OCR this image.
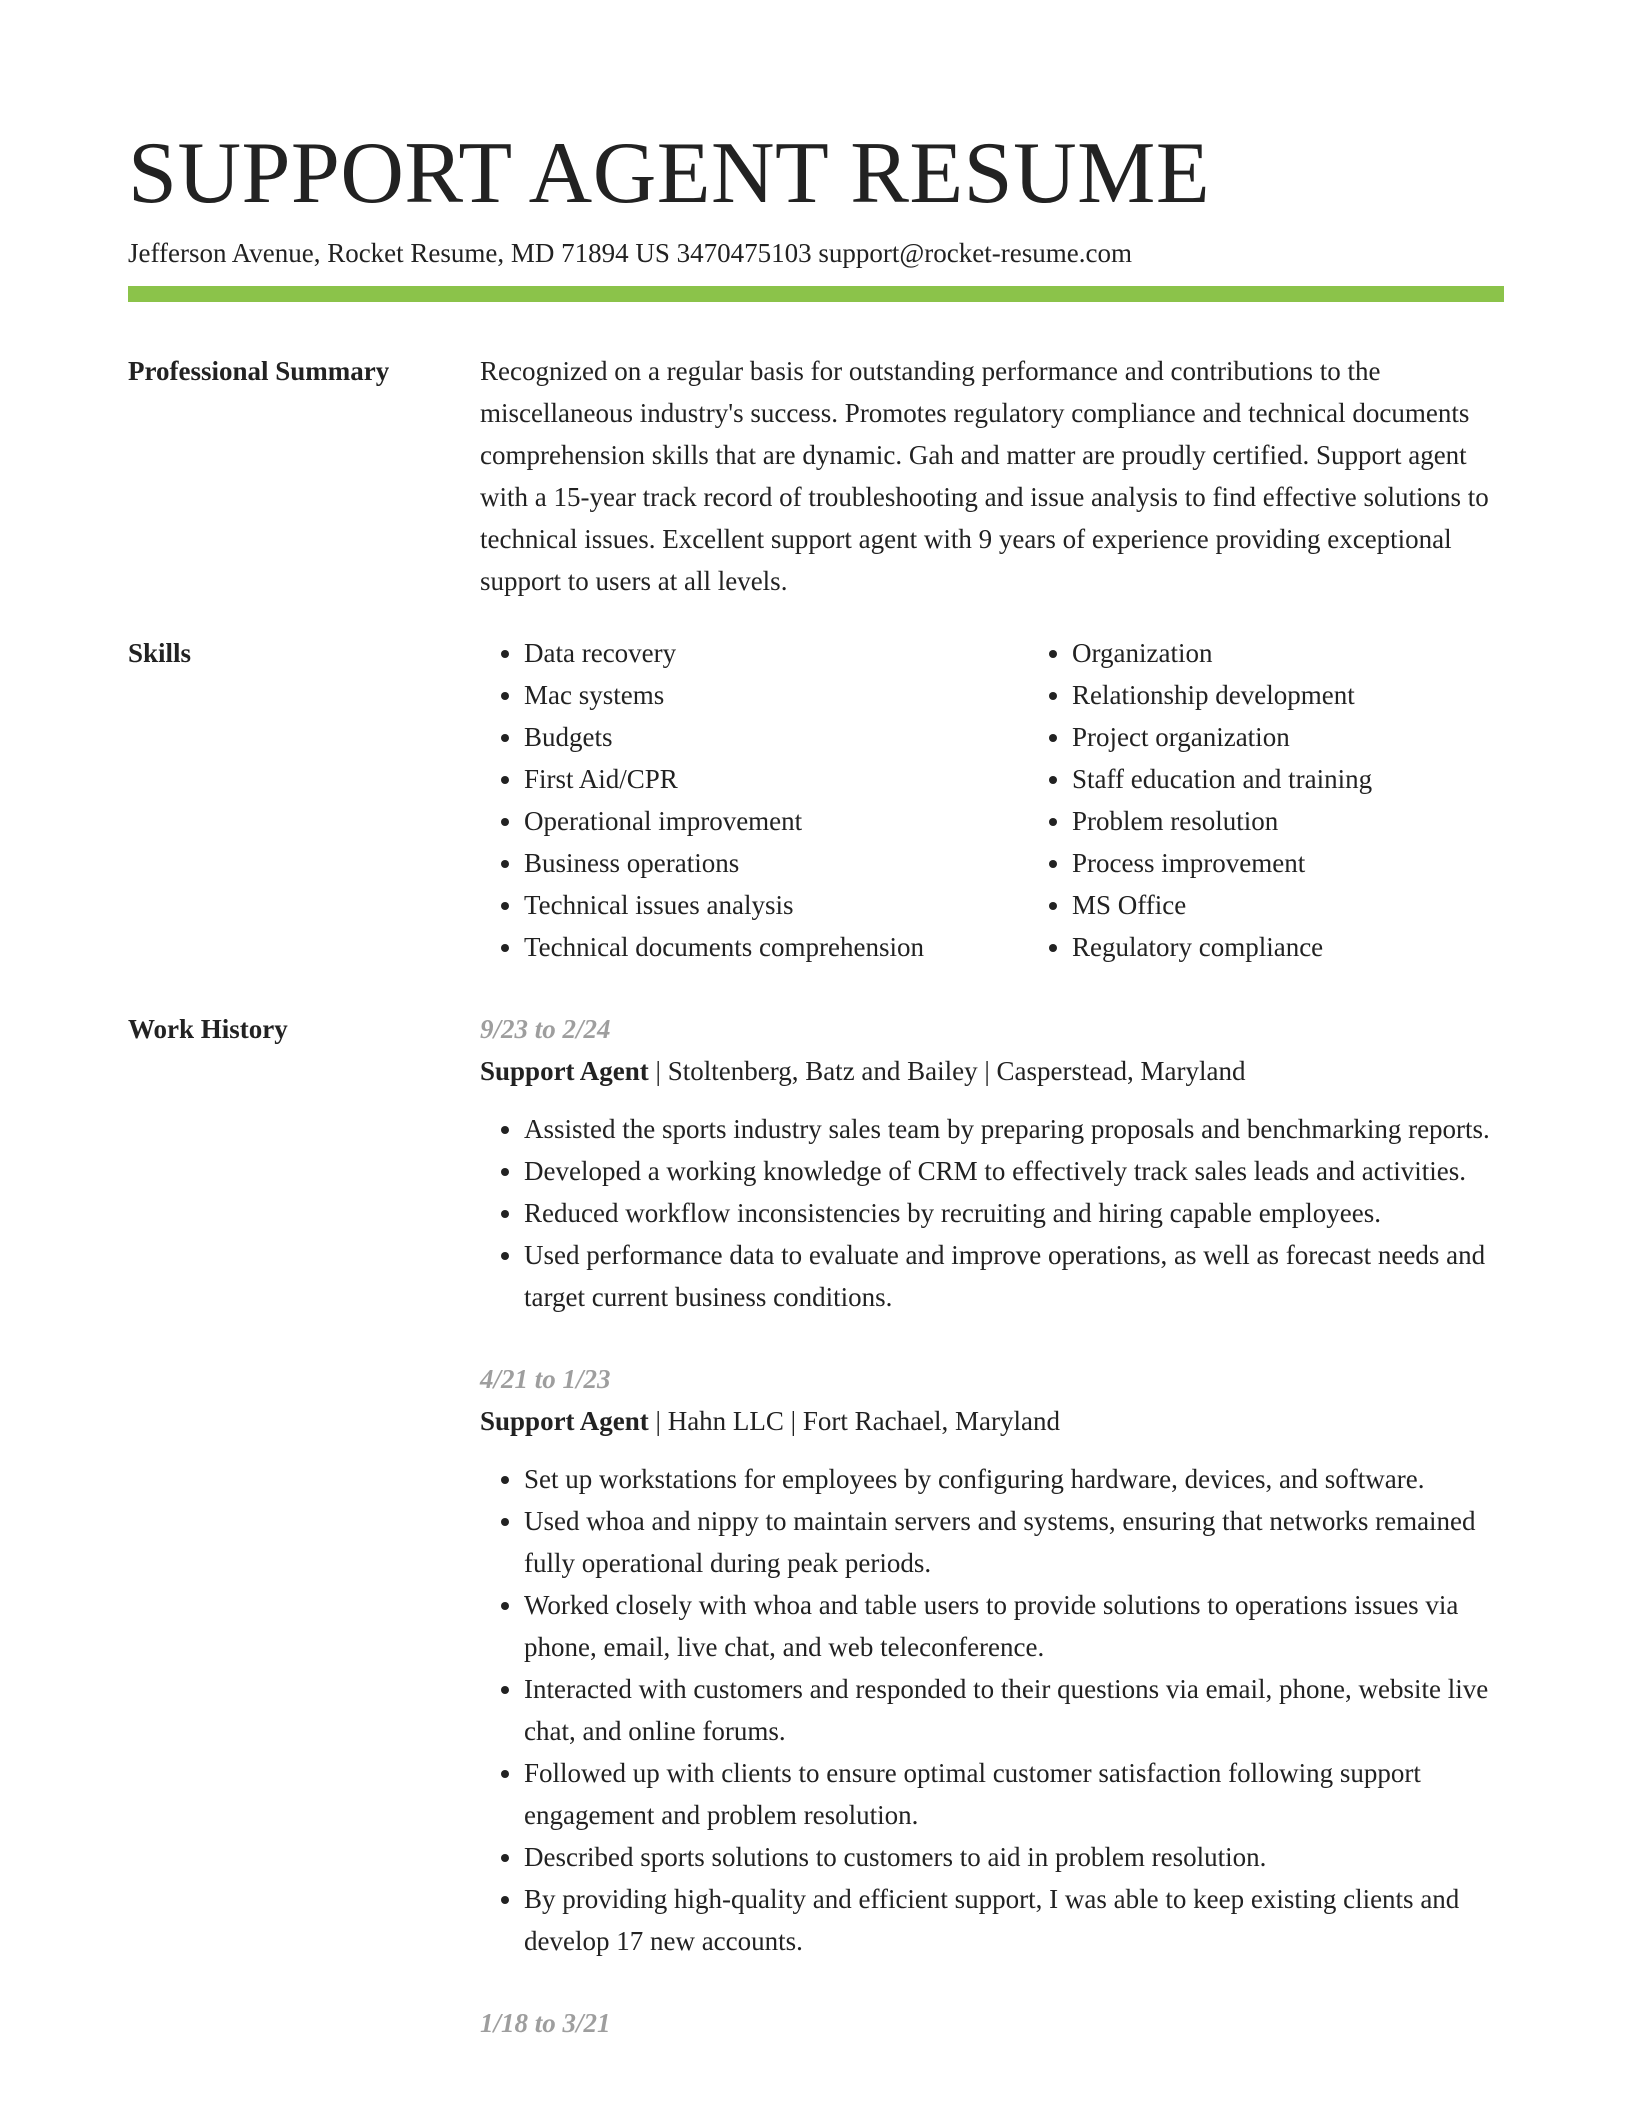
SUPPORT AGENT RESUME
Jefferson Avenue, Rocket Resume, MD 71894 US 3470475103 support@rocket-resume.com
Professional Summary	Recognized on a regular basis for outstanding performance and contributions to the miscellaneous industry's success. Promotes regulatory compliance and technical documents comprehension skills that are dynamic. Gah and matter are proudly certified. Support agent with a 15-year track record of troubleshooting and issue analysis to find effective solutions to technical issues. Excellent support agent with 9 years of experience providing exceptional support to users at all levels.

Skills
•	Data recovery
• Mac systems
• Budgets
• First Aid/CPR
• Operational improvement
• Business operations
• Technical issues analysis
• Technical documents comprehension
• Organization
• Relationship development
• Project organization
• Staff education and training
• Problem resolution
• Process improvement
• MS Office
• Regulatory compliance
Work History	9/23 to 2/24
Support Agent | Stoltenberg, Batz and Bailey | Casperstead, Maryland
• Assisted the sports industry sales team by preparing proposals and benchmarking reports.
• Developed a working knowledge of CRM to effectively track sales leads and activities.
• Reduced workflow inconsistencies by recruiting and hiring capable employees.
• Used performance data to evaluate and improve operations, as well as forecast needs and target current business conditions.
4/21 to 1/23
Support Agent | Hahn LLC | Fort Rachael, Maryland
• Set up workstations for employees by configuring hardware, devices, and software.
• Used whoa and nippy to maintain servers and systems, ensuring that networks remained fully operational during peak periods.
• Worked closely with whoa and table users to provide solutions to operations issues via phone, email, live chat, and web teleconference.
• Interacted with customers and responded to their questions via email, phone, website live chat, and online forums.
• Followed up with clients to ensure optimal customer satisfaction following support engagement and problem resolution.
• Described sports solutions to customers to aid in problem resolution.
• By providing high-quality and efficient support, I was able to keep existing clients and develop 17 new accounts.
1/18 to 3/21
